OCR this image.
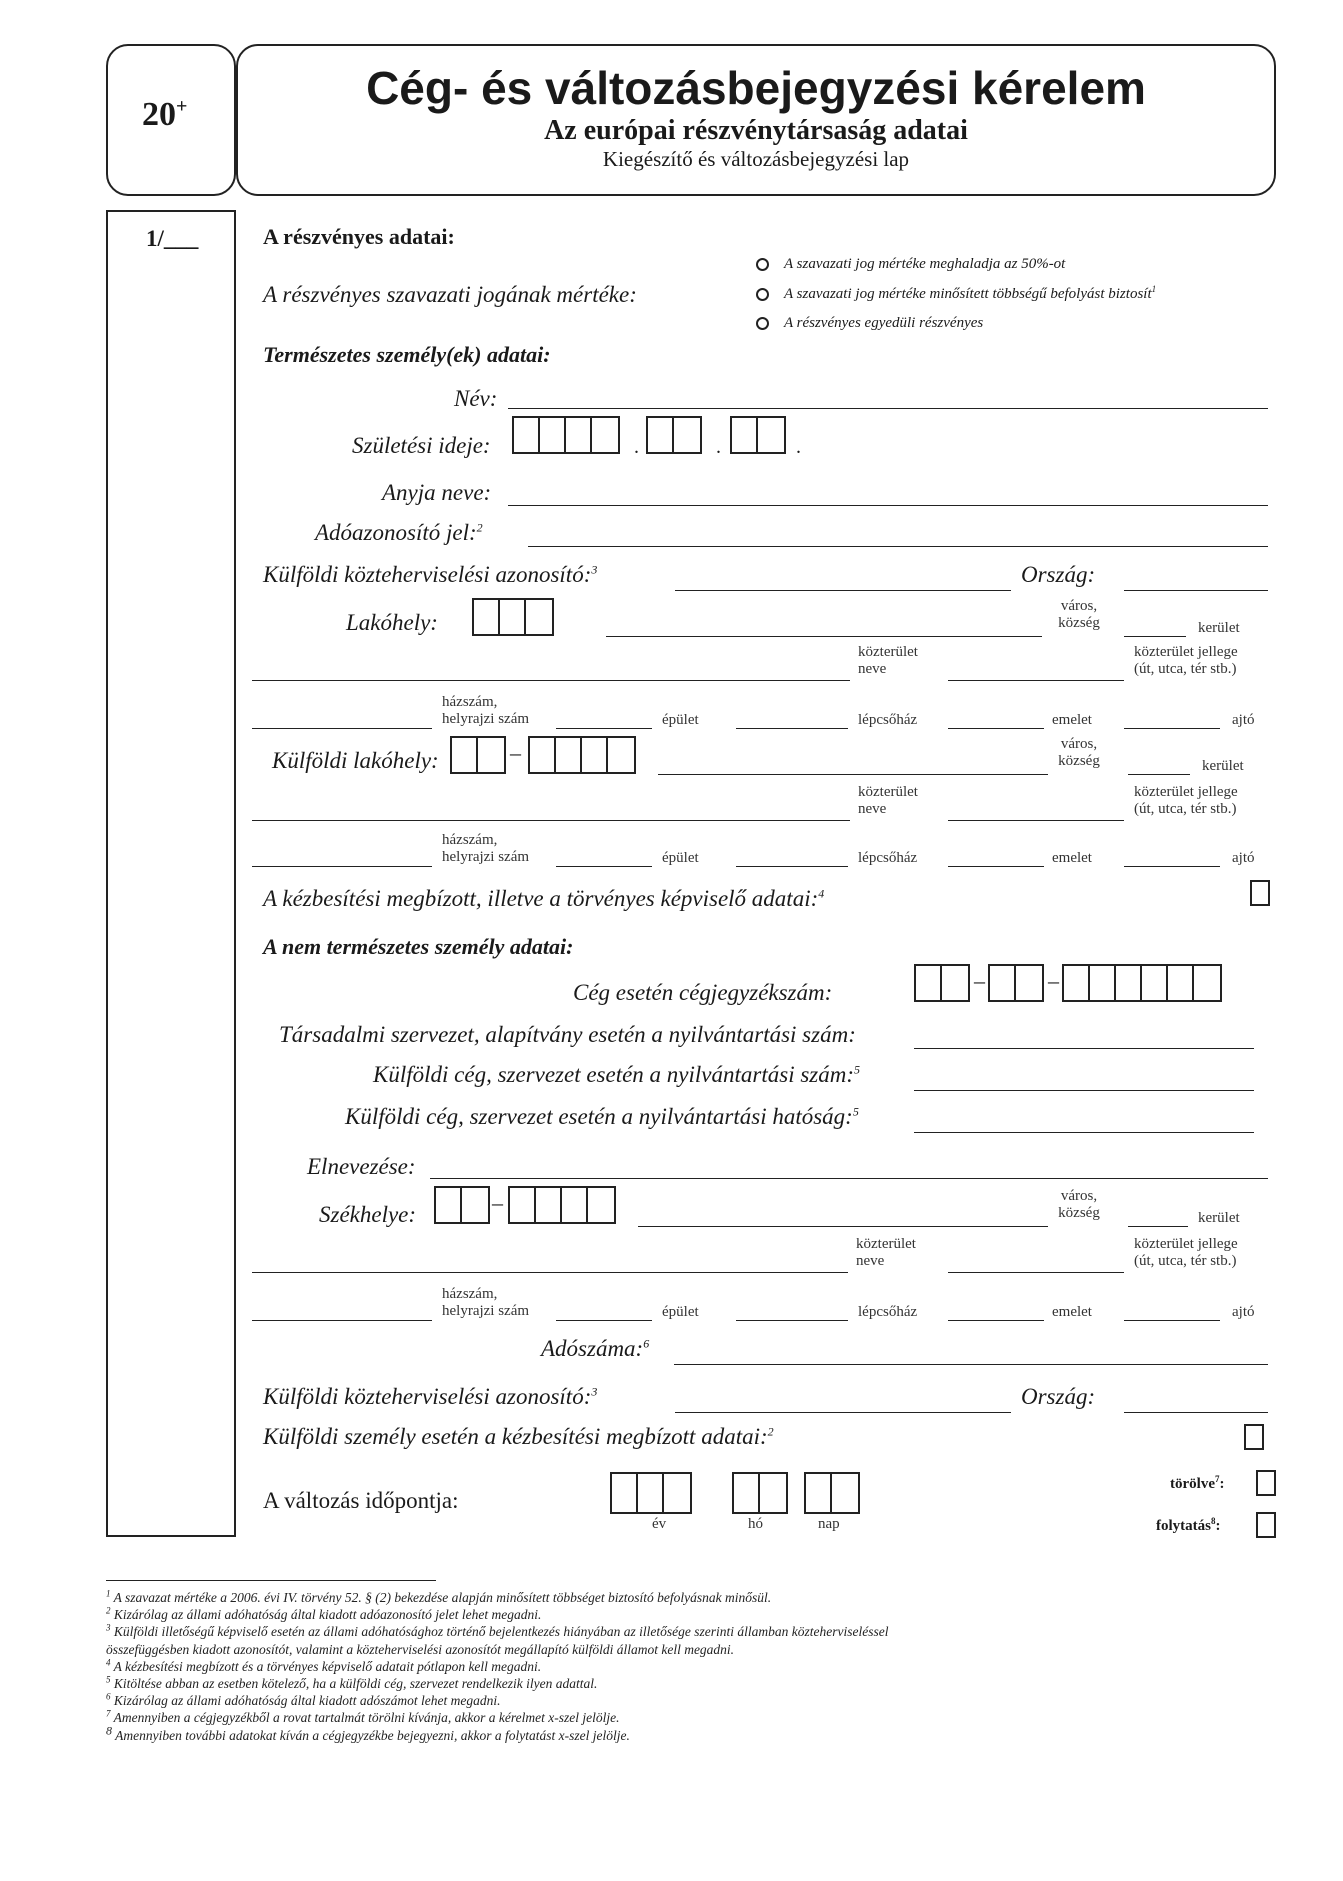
20+	Cég- és változásbejegyzési kérelem
Az európai részvénytársaság adatai
Kiegészítő és változásbejegyzési lap
1/___	A részvényes adatai:
A részvényes szavazati jogának mértéke:
A szavazati jog mértéke meghaladja az 50%-ot
A szavazati jog mértéke minősített többségű befolyást biztosít$^1$
A részvényes egyedüli részvényes
Természetes személy(ek) adatai:
Név:
Születési ideje:	.	.	.
Anyja neve:
Adóazonosító jel:$^2$
Külföldi közteherviselési azonosító:$^3$	Ország:
Lakóhely:
város,
község	kerület
közterület
neve
közterület jellege
(út, utca, tér stb.)
házszám,
helyrajzi szám	épület	lépcsőház	emelet	ajtó
Külföldi lakóhely:	–	város,
község	kerület
közterület
neve
közterület jellege
(út, utca, tér stb.)
házszám,
helyrajzi szám	épület	lépcsőház	emelet	ajtó
A kézbesítési megbízott, illetve a törvényes képviselő adatai:$^4$
A nem természetes személy adatai:
Cég esetén cégjegyzékszám:	–	–
Társadalmi szervezet, alapítvány esetén a nyilvántartási szám:
Külföldi cég, szervezet esetén a nyilvántartási szám:$^5$
Külföldi cég, szervezet esetén a nyilvántartási hatóság:$^5$
Elnevezése:
Székhelye:	–	város,
község	kerület
közterület
neve
közterület jellege
(út, utca, tér stb.)
házszám,
helyrajzi szám	épület	lépcsőház	emelet	ajtó
Adószáma:$^6$
Külföldi közteherviselési azonosító:$^3$	Ország:
Külföldi személy esetén a kézbesítési megbízott adatai:$^2$
A változás időpontja:
év	hó	nap
törölve$^7$:
folytatás$^8$:
$^1$ A szavazat mértéke a 2006. évi IV. törvény 52. § (2) bekezdése alapján minősített többséget biztosító befolyásnak minősül.
$^2$ Kizárólag az állami adóhatóság által kiadott adóazonosító jelet lehet megadni.
$^3$ Külföldi illetőségű képviselő esetén az állami adóhatósághoz történő bejelentkezés hiányában az illetősége szerinti államban közteherviseléssel
összefüggésben kiadott azonosítót, valamint a közteherviselési azonosítót megállapító külföldi államot kell megadni.
$^4$ A kézbesítési megbízott és a törvényes képviselő adatait pótlapon kell megadni.
$^5$ Kitöltése abban az esetben kötelező, ha a külföldi cég, szervezet rendelkezik ilyen adattal.
$^6$ Kizárólag az állami adóhatóság által kiadott adószámot lehet megadni.
$^7$ Amennyiben a cégjegyzékből a rovat tartalmát törölni kívánja, akkor a kérelmet x-szel jelölje.
$^8$ Amennyiben további adatokat kíván a cégjegyzékbe bejegyezni, akkor a folytatást x-szel jelölje.
